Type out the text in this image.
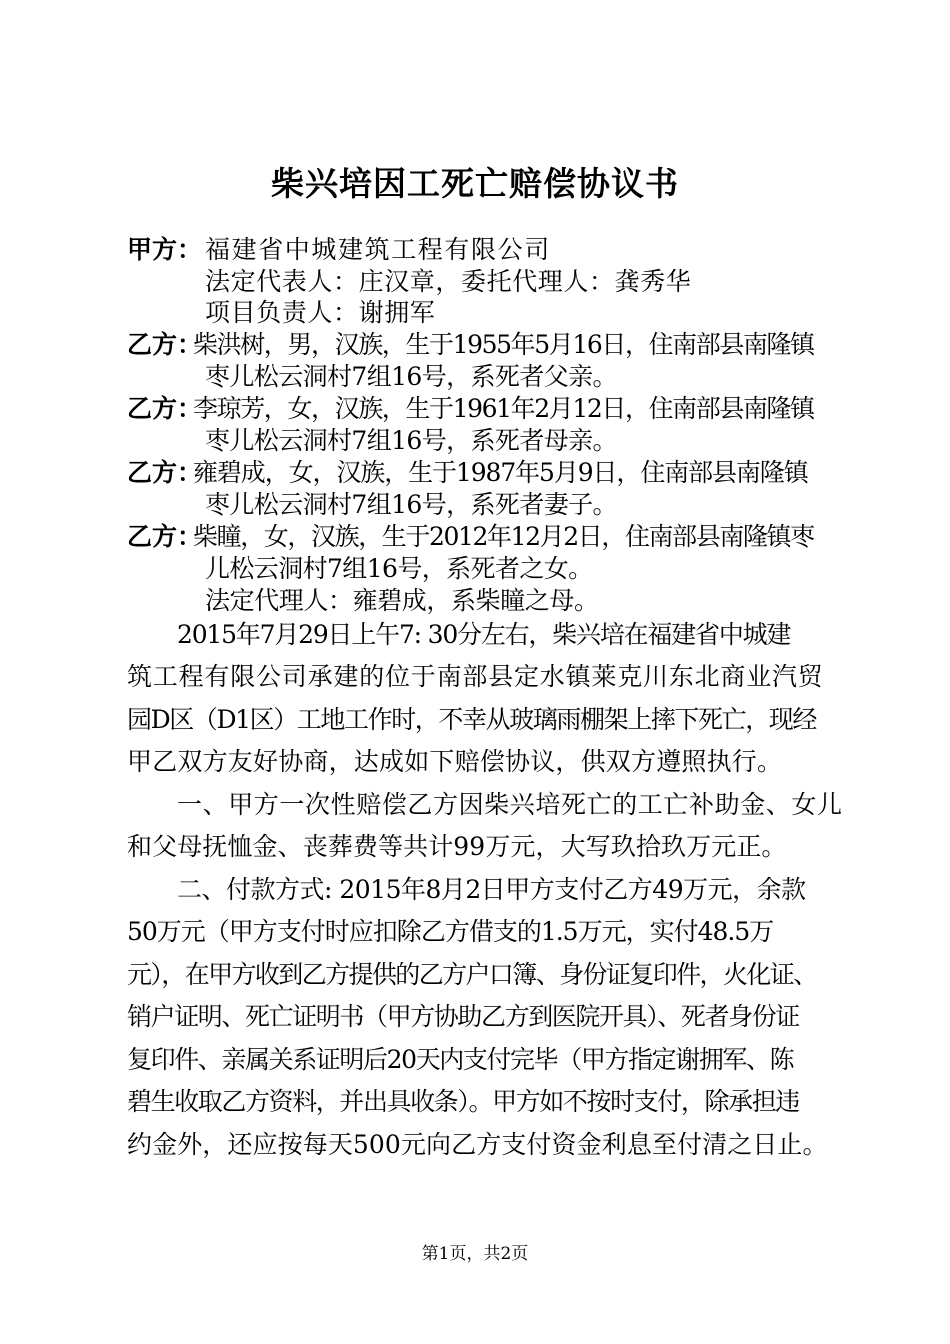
柴兴培因工死亡赔偿协议书
甲方： 福建省中城建筑工程有限公司
法定代表人：庄汉章，委托代理人：龚秀华
项目负责人：谢拥军
乙方：
柴洪树，男，汉族，生于1955年5月16日，住南部县南隆镇
枣儿松云洞村7组16号，系死者父亲。
乙方：
李琼芳，女，汉族，生于1961年2月12日，住南部县南隆镇
枣儿松云洞村7组16号，系死者母亲。
乙方：
雍碧成，女，汉族，生于1987年5月9日，住南部县南隆镇
枣儿松云洞村7组16号，系死者妻子。
乙方：
柴瞳，女，汉族，生于2012年12月2日，住南部县南隆镇枣
儿松云洞村7组16号，系死者之女。
法定代理人：雍碧成，系柴瞳之母。
2015年7月29日上午7: 30分左右，柴兴培在福建省中城建
筑工程有限公司承建的位于南部县定水镇莱克川东北商业汽贸
园D区（D1区）工地工作时，不幸从玻璃雨棚架上摔下死亡，现经
甲乙双方友好协商，达成如下赔偿协议，供双方遵照执行。
一、甲方一次性赔偿乙方因柴兴培死亡的工亡补助金、女儿
和父母抚恤金、丧葬费等共计99万元，大写玖拾玖万元正。
二、付款方式: 2015年8月2日甲方支付乙方49万元，余款
50万元（甲方支付时应扣除乙方借支的1.5万元，实付48.5万
元），在甲方收到乙方提供的乙方户口簿、身份证复印件，火化证、
销户证明、死亡证明书（甲方协助乙方到医院开具）、死者身份证
复印件、亲属关系证明后20天内支付完毕（甲方指定谢拥军、陈
碧生收取乙方资料，并出具收条）。甲方如不按时支付，除承担违
约金外，还应按每天500元向乙方支付资金利息至付清之日止。
第1页，共2页
